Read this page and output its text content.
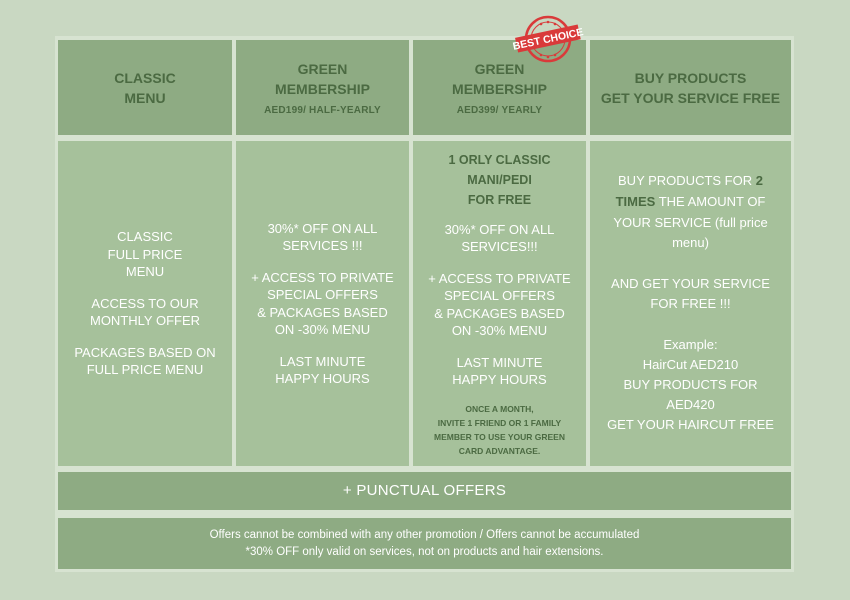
CLASSIC
MENU
GREEN
MEMBERSHIP
AED199/ HALF-YEARLY
GREEN
MEMBERSHIP
AED399/ YEARLY
BUY PRODUCTS
GET YOUR SERVICE FREE
BEST CHOICE
CLASSIC
FULL PRICE
MENU
ACCESS TO OUR
MONTHLY OFFER
PACKAGES BASED ON
FULL PRICE MENU
30%* OFF ON ALL
SERVICES !!!
+ ACCESS TO PRIVATE
SPECIAL OFFERS
& PACKAGES BASED
ON -30% MENU
LAST MINUTE
HAPPY HOURS
1 ORLY CLASSIC
MANI/PEDI
FOR FREE
30%* OFF ON ALL
SERVICES!!!
+ ACCESS TO PRIVATE
SPECIAL OFFERS
& PACKAGES BASED
ON -30% MENU
LAST MINUTE
HAPPY HOURS
ONCE A MONTH,
INVITE 1 FRIEND OR 1 FAMILY
MEMBER TO USE YOUR GREEN
CARD ADVANTAGE.
BUY PRODUCTS FOR 2
TIMES THE AMOUNT OF
YOUR SERVICE (full price
menu)
AND GET YOUR SERVICE
FOR FREE !!!
Example:
HairCut AED210
BUY PRODUCTS FOR
AED420
GET YOUR HAIRCUT FREE
+ PUNCTUAL OFFERS
Offers cannot be combined with any other promotion / Offers cannot be accumulated
*30% OFF only valid on services, not on products and hair extensions.
